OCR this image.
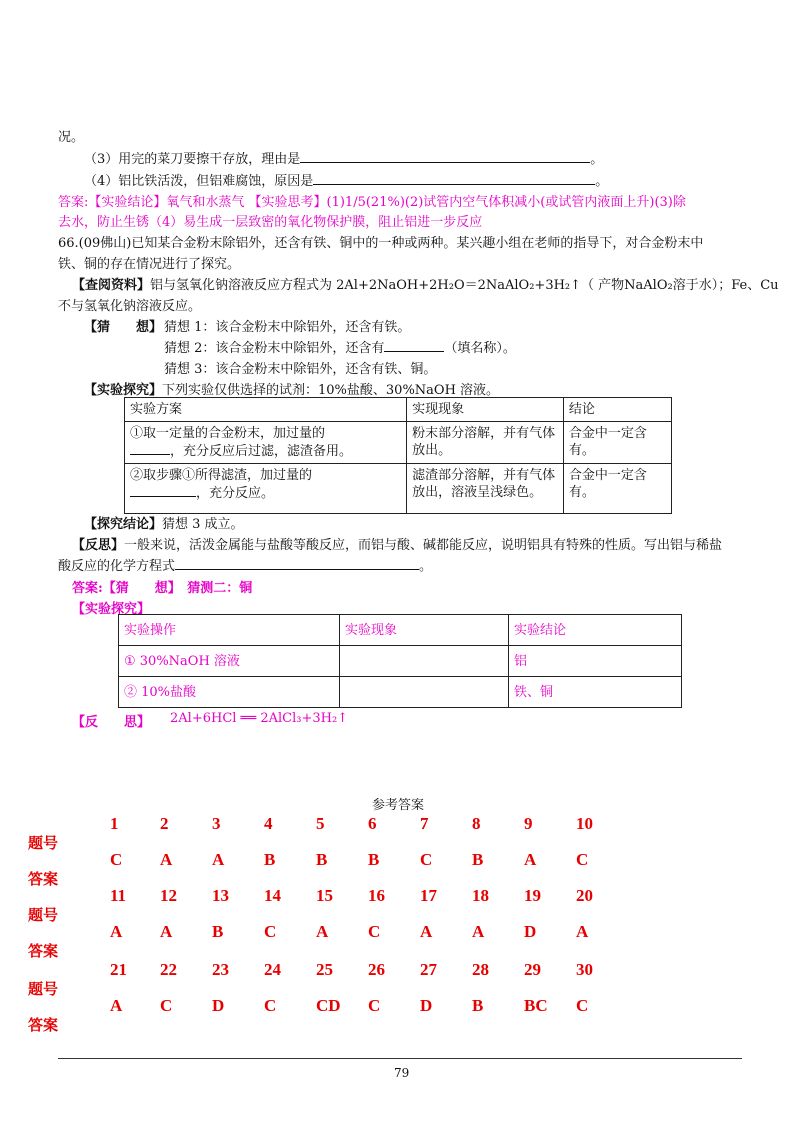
况。
（3）用完的菜刀要擦干存放，理由是	。
（4）铝比铁活泼，但铝难腐蚀，原因是	。
答案:【实验结论】氧气和水蒸气 【实验思考】(1)1/5(21%)(2)试管内空气体积减小(或试管内液面上升)(3)除
去水，防止生锈（4）易生成一层致密的氧化物保护膜，阻止铝进一步反应
66.(09佛山)已知某合金粉末除铝外，还含有铁、铜中的一种或两种。某兴趣小组在老师的指导下，对合金粉末中
铁、铜的存在情况进行了探究。
【查阅资料】铝与氢氧化钠溶液反应方程式为 2Al+2NaOH+2H₂O＝2NaAlO₂+3H₂↑（ 产物NaAlO₂溶于水）；Fe、Cu
不与氢氧化钠溶液反应。
【猜　　想】 猜想 1：该合金粉末中除铝外，还含有铁。
猜想 2：该合金粉末中除铝外，还含有	（填名称）。
猜想 3：该合金粉末中除铝外，还含有铁、铜。
【实验探究】下列实验仅供选择的试剂：10%盐酸、30%NaOH 溶液。
实验方案	实现现象	结论

①取一定量的合金粉末，加过量的
，充分反应后过滤，滤渣备用。	粉末部分溶解，并有气体放出。	合金中一定含有。

②取步骤①所得滤渣，加过量的
，充分反应。	滤渣部分溶解，并有气体放出，溶液呈浅绿色。	合金中一定含有。
【探究结论】猜想 3 成立。
【反思】一般来说，活泼金属能与盐酸等酸反应，而铝与酸、碱都能反应，说明铝具有特殊的性质。写出铝与稀盐
酸反应的化学方程式	。
答案:【猜　　想】　猜测二：铜
【实验探究】
实验操作	实验现象	实验结论
① 30%NaOH 溶液		铝
② 10%盐酸		铁、铜
【反　　思】 2Al+6HCl ══ 2AlCl₃+3H₂↑
参考答案
题号
答案
1 2	3	4	5	6	7	8	9	10
C A A B B B C B A C
题号
答案
11 12 13 14 15 16 17 18 19 20
A A B C A C A A D A
题号
答案
21 22 23 24 25 26 27 28 29 30
A C D C CD C D B BC C
79
